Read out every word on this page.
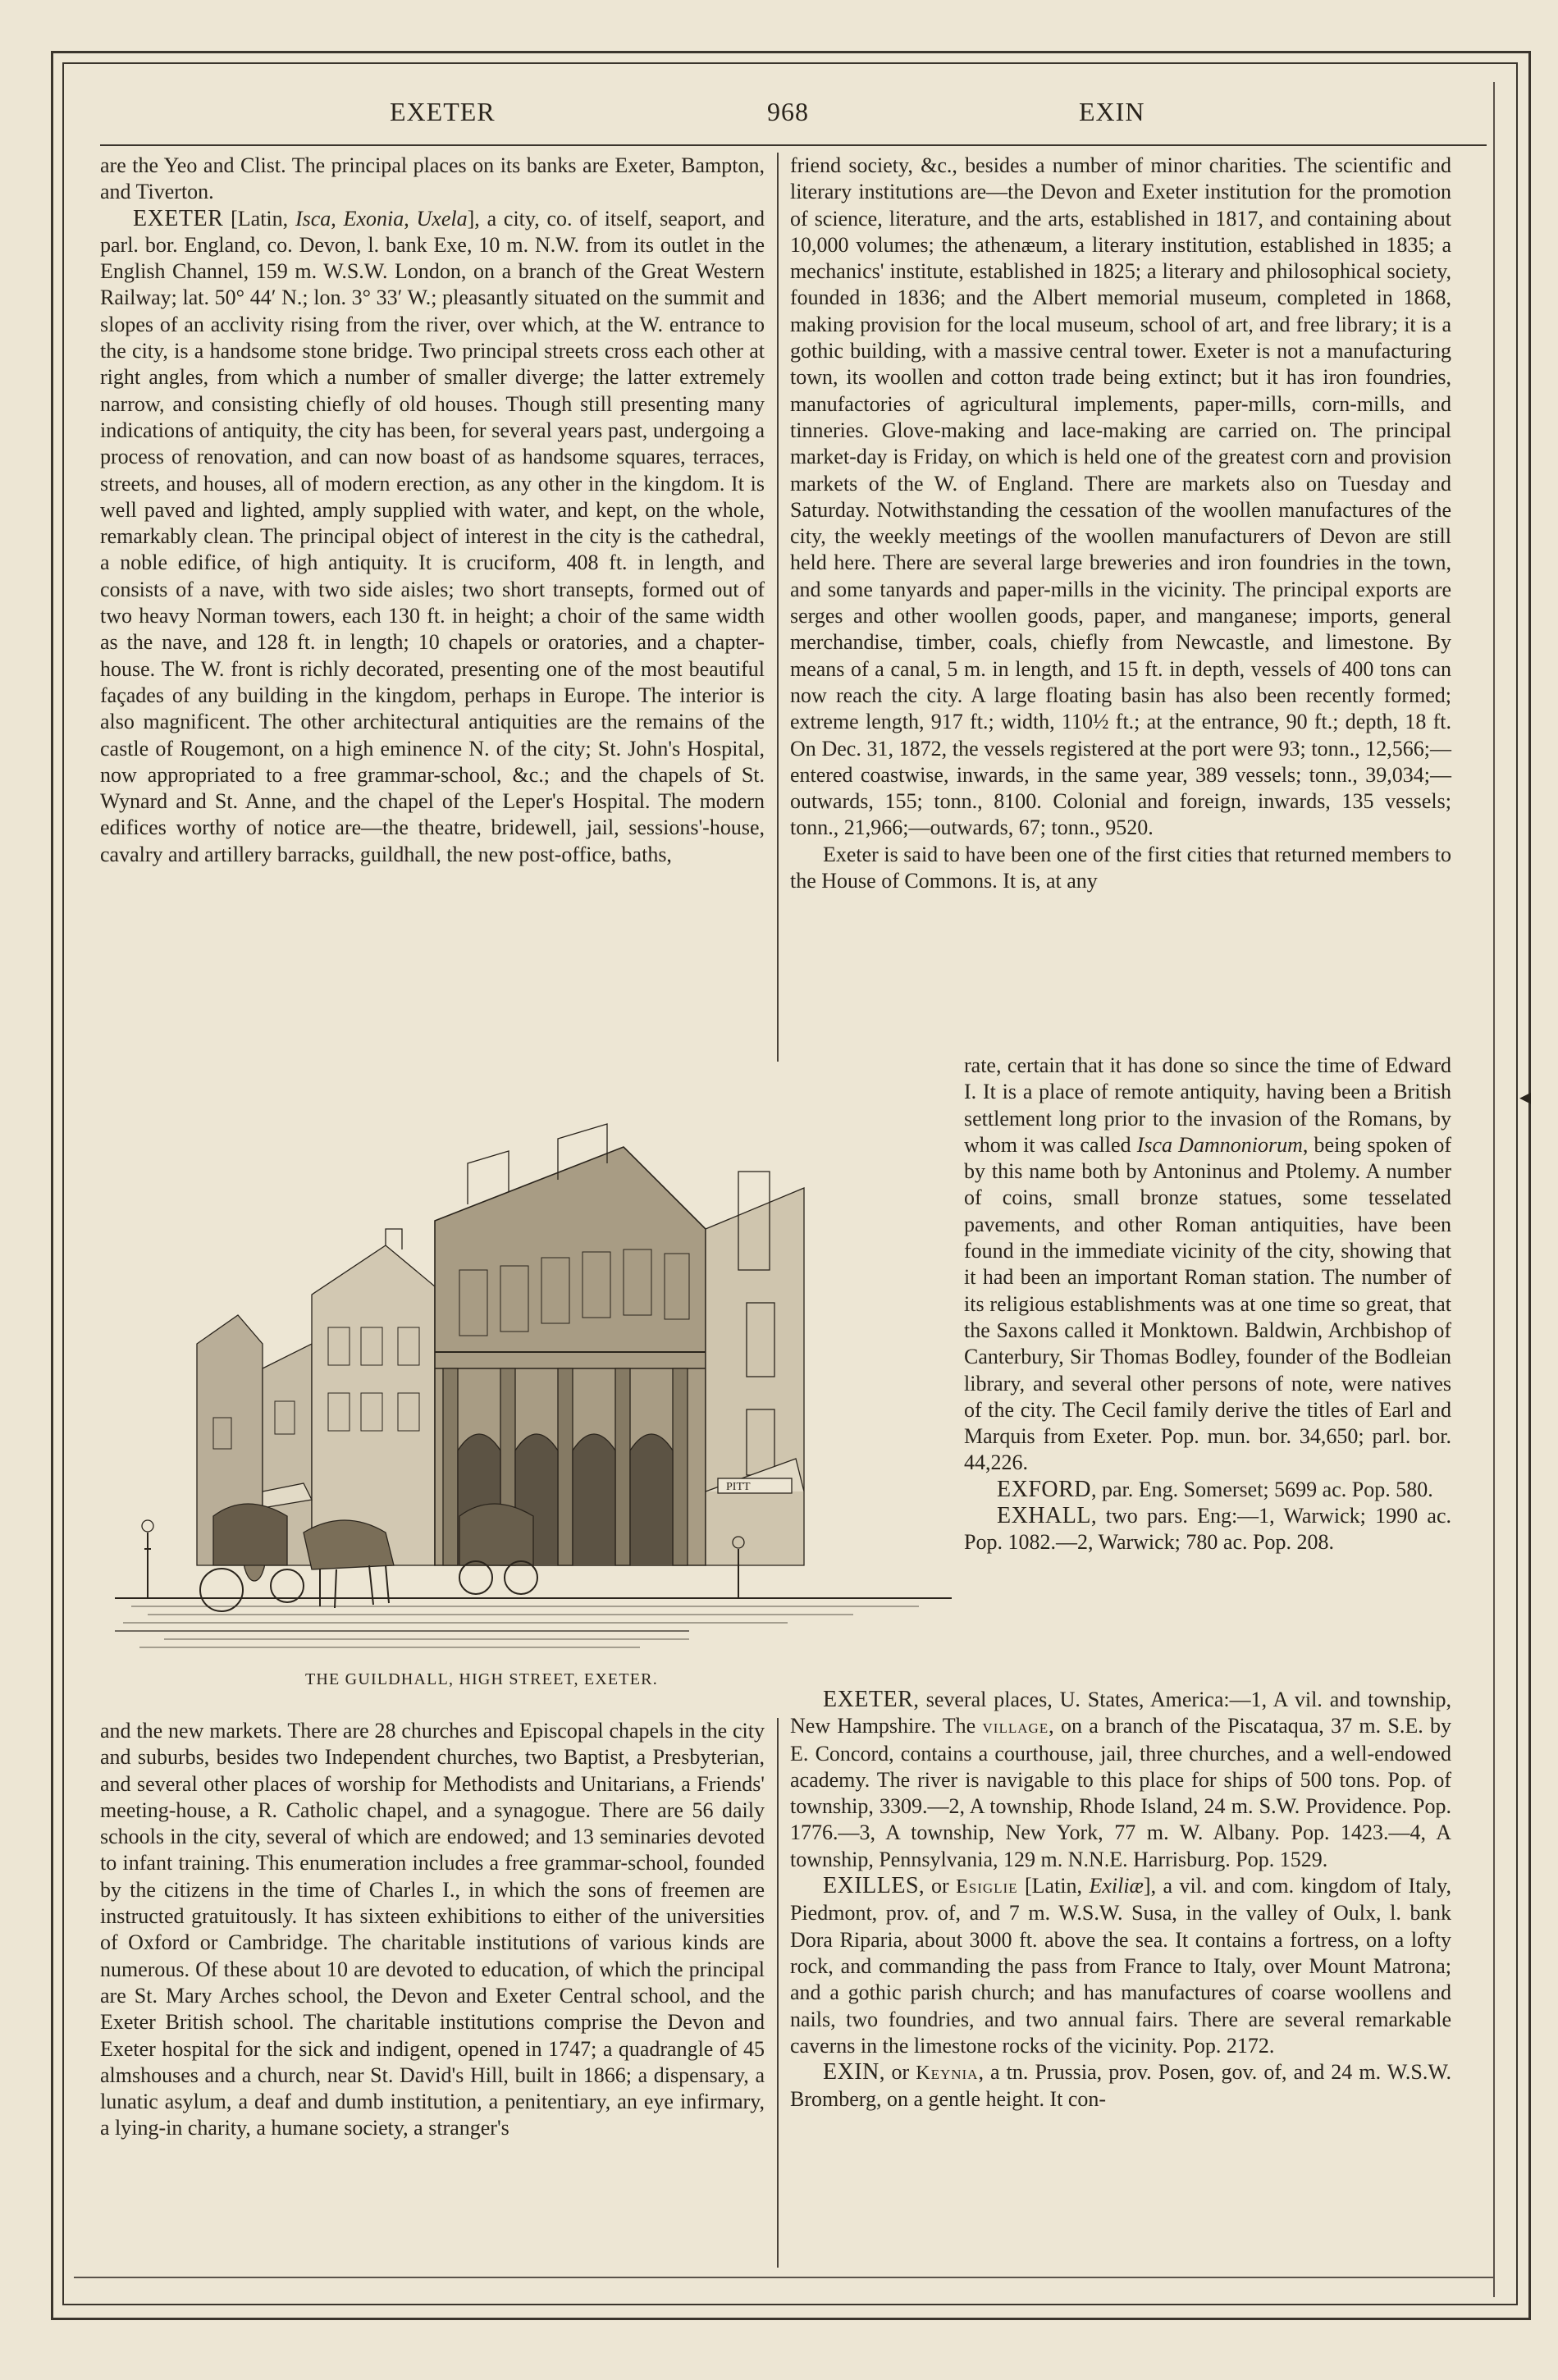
EXETER	968	EXIN

are the Yeo and Clist. The principal places on its banks are Exeter, Bampton, and Tiverton.

EXETER [Latin, Isca, Exonia, Uxela], a city, co. of itself, seaport, and parl. bor. England, co. Devon, l. bank Exe, 10 m. N.W. from its outlet in the English Channel, 159 m. W.S.W. London, on a branch of the Great Western Railway; lat. 50° 44′ N.; lon. 3° 33′ W.; pleasantly situated on the summit and slopes of an acclivity rising from the river, over which, at the W. entrance to the city, is a handsome stone bridge. Two principal streets cross each other at right angles, from which a number of smaller diverge; the latter extremely narrow, and consisting chiefly of old houses. Though still presenting many indications of antiquity, the city has been, for several years past, undergoing a process of renovation, and can now boast of as handsome squares, terraces, streets, and houses, all of modern erection, as any other in the kingdom. It is well paved and lighted, amply supplied with water, and kept, on the whole, remarkably clean. The principal object of interest in the city is the cathedral, a noble edifice, of high antiquity. It is cruciform, 408 ft. in length, and consists of a nave, with two side aisles; two short transepts, formed out of two heavy Norman towers, each 130 ft. in height; a choir of the same width as the nave, and 128 ft. in length; 10 chapels or oratories, and a chapter-house. The W. front is richly decorated, presenting one of the most beautiful façades of any building in the kingdom, perhaps in Europe. The interior is also magnificent. The other architectural antiquities are the remains of the castle of Rougemont, on a high eminence N. of the city; St. John's Hospital, now appropriated to a free grammar-school, &c.; and the chapels of St. Wynard and St. Anne, and the chapel of the Leper's Hospital. The modern edifices worthy of notice are—the theatre, bridewell, jail, sessions'-house, cavalry and artillery barracks, guildhall, the new post-office, baths,

friend society, &c., besides a number of minor charities. The scientific and literary institutions are—the Devon and Exeter institution for the promotion of science, literature, and the arts, established in 1817, and containing about 10,000 volumes; the athenæum, a literary institution, established in 1835; a mechanics' institute, established in 1825; a literary and philosophical society, founded in 1836; and the Albert memorial museum, completed in 1868, making provision for the local museum, school of art, and free library; it is a gothic building, with a massive central tower. Exeter is not a manufacturing town, its woollen and cotton trade being extinct; but it has iron foundries, manufactories of agricultural implements, paper-mills, corn-mills, and tinneries. Glove-making and lace-making are carried on. The principal market-day is Friday, on which is held one of the greatest corn and provision markets of the W. of England. There are markets also on Tuesday and Saturday. Notwithstanding the cessation of the woollen manufactures of the city, the weekly meetings of the woollen manufacturers of Devon are still held here. There are several large breweries and iron foundries in the town, and some tanyards and paper-mills in the vicinity. The principal exports are serges and other woollen goods, paper, and manganese; imports, general merchandise, timber, coals, chiefly from Newcastle, and limestone. By means of a canal, 5 m. in length, and 15 ft. in depth, vessels of 400 tons can now reach the city. A large floating basin has also been recently formed; extreme length, 917 ft.; width, 110½ ft.; at the entrance, 90 ft.; depth, 18 ft. On Dec. 31, 1872, the vessels registered at the port were 93; tonn., 12,566;—entered coastwise, inwards, in the same year, 389 vessels; tonn., 39,034;—outwards, 155; tonn., 8100. Colonial and foreign, inwards, 135 vessels; tonn., 21,966;—outwards, 67; tonn., 9520.

Exeter is said to have been one of the first cities that returned members to the House of Commons. It is, at any

PITT
THE GUILDHALL, HIGH STREET, EXETER.

rate, certain that it has done so since the time of Edward I. It is a place of remote antiquity, having been a British settlement long prior to the invasion of the Romans, by whom it was called Isca Damnoniorum, being spoken of by this name both by Antoninus and Ptolemy. A number of coins, small bronze statues, some tesselated pavements, and other Roman antiquities, have been found in the immediate vicinity of the city, showing that it had been an important Roman station. The number of its religious establishments was at one time so great, that the Saxons called it Monktown. Baldwin, Archbishop of Canterbury, Sir Thomas Bodley, founder of the Bodleian library, and several other persons of note, were natives of the city. The Cecil family derive the titles of Earl and Marquis from Exeter. Pop. mun. bor. 34,650; parl. bor. 44,226.

EXFORD, par. Eng. Somerset; 5699 ac. Pop. 580.

EXHALL, two pars. Eng:—1, Warwick; 1990 ac. Pop. 1082.—2, Warwick; 780 ac. Pop. 208.

EXETER, several places, U. States, America:—1, A vil. and township, New Hampshire. The village, on a branch of the Piscataqua, 37 m. S.E. by E. Concord, contains a courthouse, jail, three churches, and a well-endowed academy. The river is navigable to this place for ships of 500 tons. Pop. of township, 3309.—2, A township, Rhode Island, 24 m. S.W. Providence. Pop. 1776.—3, A township, New York, 77 m. W. Albany. Pop. 1423.—4, A township, Pennsylvania, 129 m. N.N.E. Harrisburg. Pop. 1529.

EXILLES, or Esiglie [Latin, Exiliæ], a vil. and com. kingdom of Italy, Piedmont, prov. of, and 7 m. W.S.W. Susa, in the valley of Oulx, l. bank Dora Riparia, about 3000 ft. above the sea. It contains a fortress, on a lofty rock, and commanding the pass from France to Italy, over Mount Matrona; and a gothic parish church; and has manufactures of coarse woollens and nails, two foundries, and two annual fairs. There are several remarkable caverns in the limestone rocks of the vicinity. Pop. 2172.

EXIN, or Keynia, a tn. Prussia, prov. Posen, gov. of, and 24 m. W.S.W. Bromberg, on a gentle height. It con-

and the new markets. There are 28 churches and Episcopal chapels in the city and suburbs, besides two Independent churches, two Baptist, a Presbyterian, and several other places of worship for Methodists and Unitarians, a Friends' meeting-house, a R. Catholic chapel, and a synagogue. There are 56 daily schools in the city, several of which are endowed; and 13 seminaries devoted to infant training. This enumeration includes a free grammar-school, founded by the citizens in the time of Charles I., in which the sons of freemen are instructed gratuitously. It has sixteen exhibitions to either of the universities of Oxford or Cambridge. The charitable institutions of various kinds are numerous. Of these about 10 are devoted to education, of which the principal are St. Mary Arches school, the Devon and Exeter Central school, and the Exeter British school. The charitable institutions comprise the Devon and Exeter hospital for the sick and indigent, opened in 1747; a quadrangle of 45 almshouses and a church, near St. David's Hill, built in 1866; a dispensary, a lunatic asylum, a deaf and dumb institution, a penitentiary, an eye infirmary, a lying-in charity, a humane society, a stranger's

◂
